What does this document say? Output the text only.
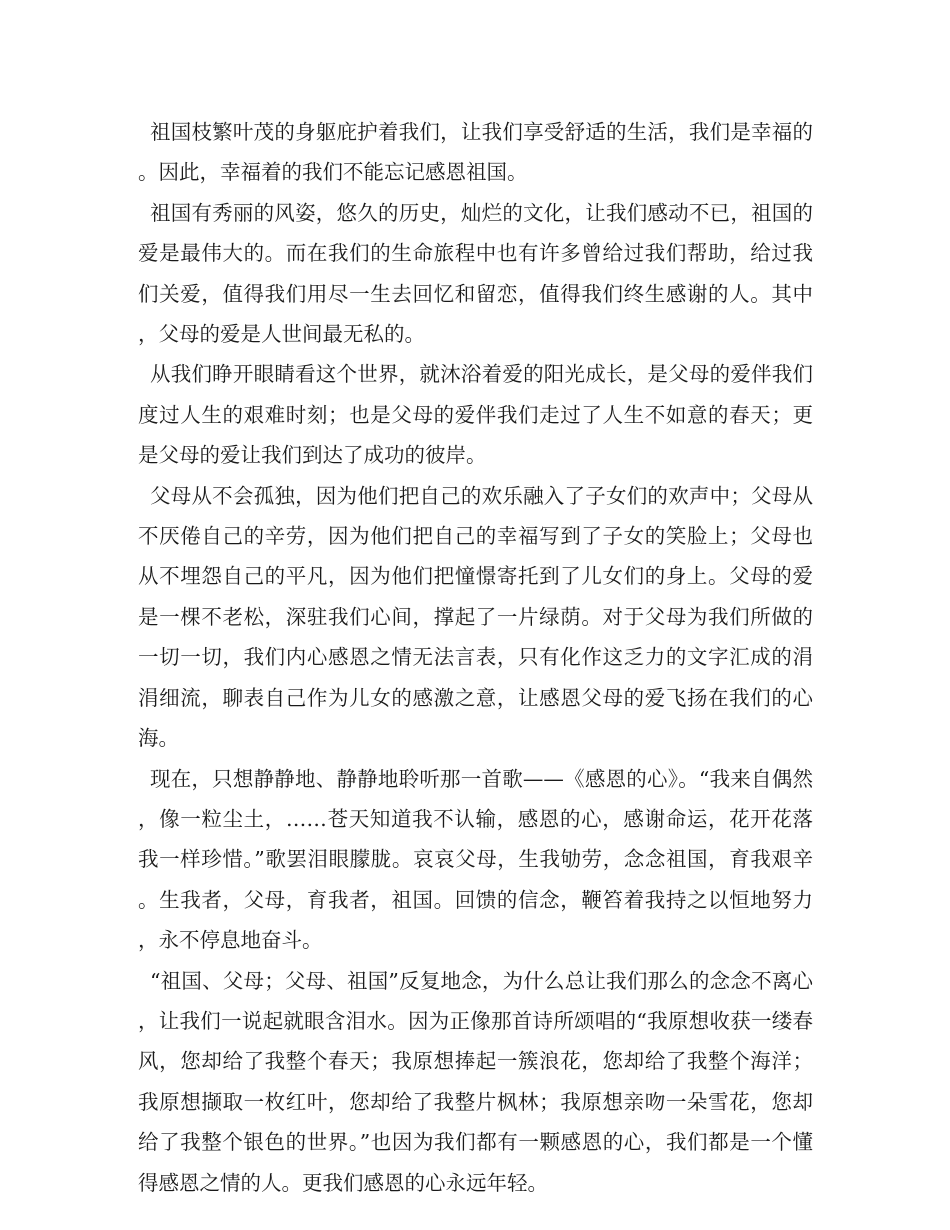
祖国枝繁叶茂的身躯庇护着我们，让我们享受舒适的生活，我们是幸福的。因此，幸福着的我们不能忘记感恩祖国。

祖国有秀丽的风姿，悠久的历史，灿烂的文化，让我们感动不已，祖国的爱是最伟大的。而在我们的生命旅程中也有许多曾给过我们帮助，给过我们关爱，值得我们用尽一生去回忆和留恋，值得我们终生感谢的人。其中，父母的爱是人世间最无私的。

从我们睁开眼睛看这个世界，就沐浴着爱的阳光成长，是父母的爱伴我们度过人生的艰难时刻；也是父母的爱伴我们走过了人生不如意的春天；更是父母的爱让我们到达了成功的彼岸。

父母从不会孤独，因为他们把自己的欢乐融入了子女们的欢声中；父母从不厌倦自己的辛劳，因为他们把自己的幸福写到了子女的笑脸上；父母也从不埋怨自己的平凡，因为他们把憧憬寄托到了儿女们的身上。父母的爱是一棵不老松，深驻我们心间，撑起了一片绿荫。对于父母为我们所做的一切一切，我们内心感恩之情无法言表，只有化作这乏力的文字汇成的涓涓细流，聊表自己作为儿女的感激之意，让感恩父母的爱飞扬在我们的心海。

现在，只想静静地、静静地聆听那一首歌——《感恩的心》。“我来自偶然，像一粒尘土，……苍天知道我不认输，感恩的心，感谢命运，花开花落我一样珍惜。”歌罢泪眼朦胧。哀哀父母，生我劬劳，念念祖国，育我艰辛。生我者，父母，育我者，祖国。回馈的信念，鞭笞着我持之以恒地努力，永不停息地奋斗。

“祖国、父母；父母、祖国”反复地念，为什么总让我们那么的念念不离心，让我们一说起就眼含泪水。因为正像那首诗所颂唱的“我原想收获一缕春风，您却给了我整个春天；我原想捧起一簇浪花，您却给了我整个海洋；我原想撷取一枚红叶，您却给了我整片枫林；我原想亲吻一朵雪花，您却给了我整个银色的世界。”也因为我们都有一颗感恩的心，我们都是一个懂得感恩之情的人。更我们感恩的心永远年轻。
